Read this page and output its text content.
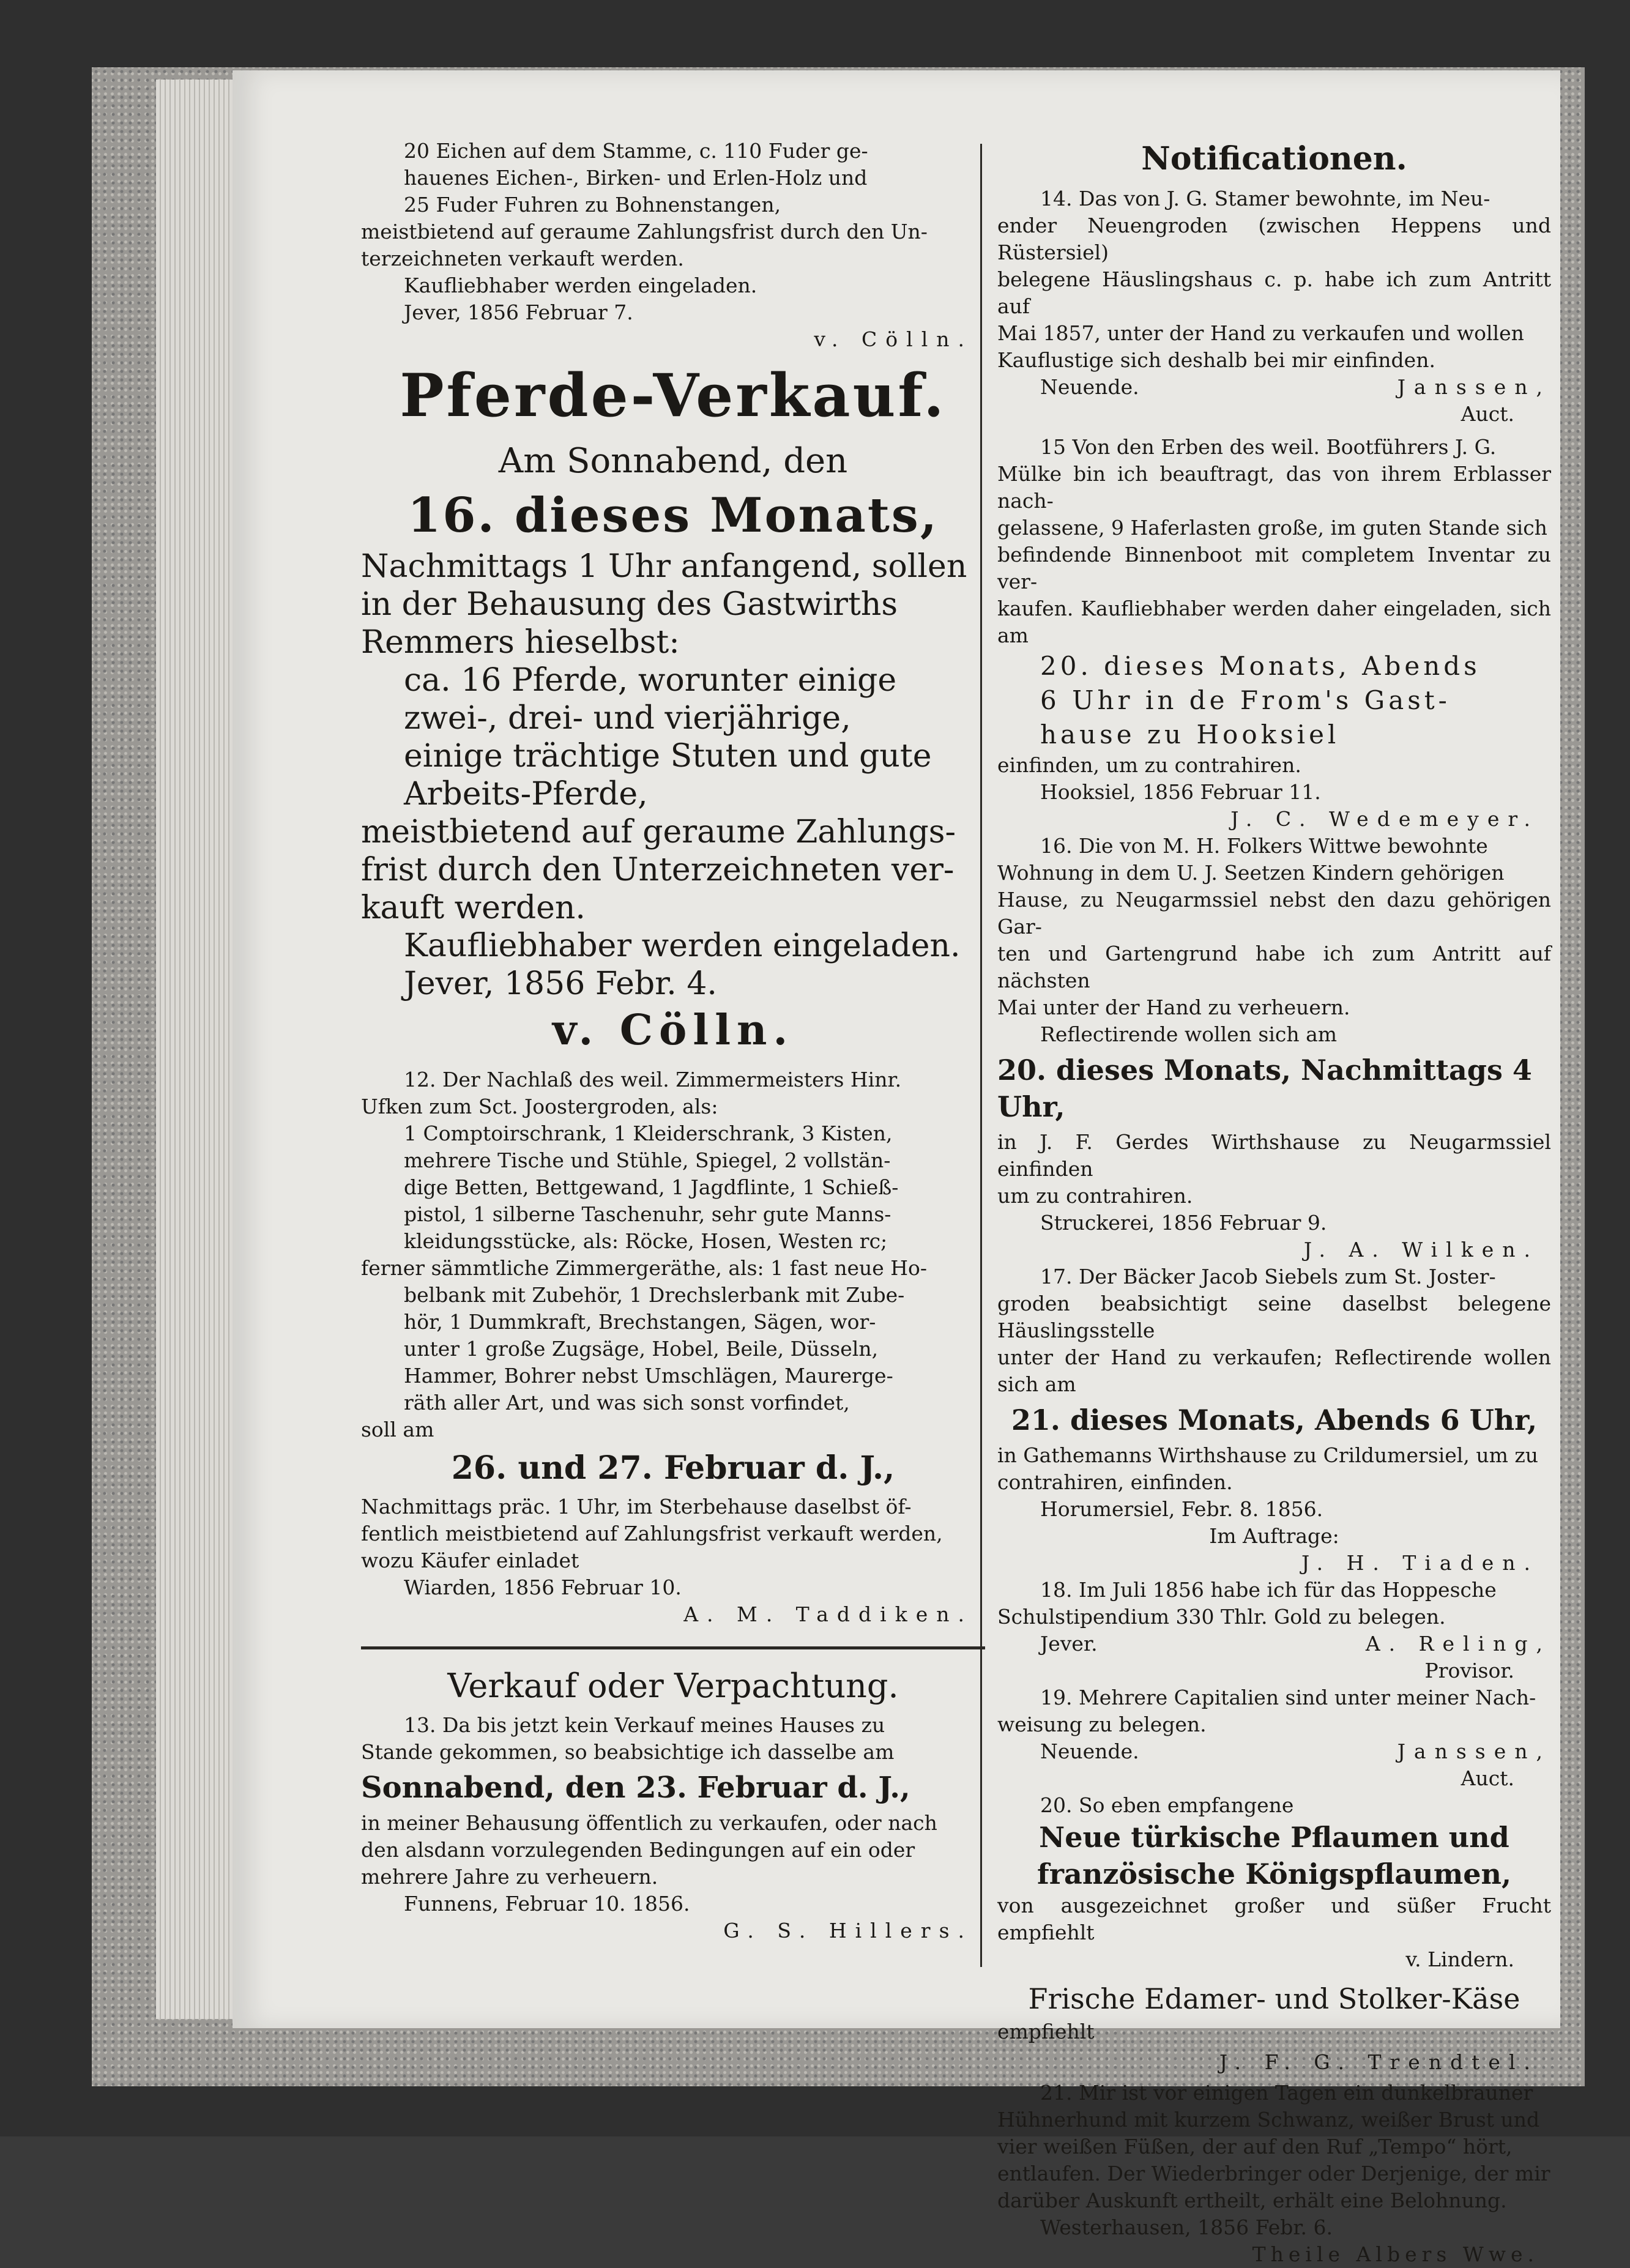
20 Eichen auf dem Stamme, c. 110 Fuder ge-

hauenes Eichen-, Birken- und Erlen-Holz und

25 Fuder Fuhren zu Bohnenstangen,

meistbietend auf geraume Zahlungsfrist durch den Un-

terzeichneten verkauft werden.

Kaufliebhaber werden eingeladen.

Jever, 1856 Februar 7.

v. Cölln.

Pferde-Verkauf.
Am Sonnabend, den
16. dieses Monats,

Nachmittags 1 Uhr anfangend, sollen

in der Behausung des Gastwirths

Remmers hieselbst:

ca. 16 Pferde, worunter einige

zwei-, drei- und vierjährige,

einige trächtige Stuten und gute

Arbeits-Pferde,

meistbietend auf geraume Zahlungs-

frist durch den Unterzeichneten ver-

kauft werden.

Kaufliebhaber werden eingeladen.

Jever, 1856 Febr. 4.

v. Cölln.

12. Der Nachlaß des weil. Zimmermeisters Hinr.

Ufken zum Sct. Joostergroden, als:

1 Comptoirschrank, 1 Kleiderschrank, 3 Kisten,

mehrere Tische und Stühle, Spiegel, 2 vollstän-

dige Betten, Bettgewand, 1 Jagdflinte, 1 Schieß-

pistol, 1 silberne Taschenuhr, sehr gute Manns-

kleidungsstücke, als: Röcke, Hosen, Westen rc;

ferner sämmtliche Zimmergeräthe, als: 1 fast neue Ho-

belbank mit Zubehör, 1 Drechslerbank mit Zube-

hör, 1 Dummkraft, Brechstangen, Sägen, wor-

unter 1 große Zugsäge, Hobel, Beile, Düsseln,

Hammer, Bohrer nebst Umschlägen, Maurerge-

räth aller Art, und was sich sonst vorfindet,

soll am

26. und 27. Februar d. J.,

Nachmittags präc. 1 Uhr, im Sterbehause daselbst öf-

fentlich meistbietend auf Zahlungsfrist verkauft werden,

wozu Käufer einladet

Wiarden, 1856 Februar 10.

A. M. Taddiken.

Verkauf oder Verpachtung.

13. Da bis jetzt kein Verkauf meines Hauses zu

Stande gekommen, so beabsichtige ich dasselbe am

Sonnabend, den 23. Februar d. J.,

in meiner Behausung öffentlich zu verkaufen, oder nach

den alsdann vorzulegenden Bedingungen auf ein oder

mehrere Jahre zu verheuern.

Funnens, Februar 10. 1856.

G. S. Hillers.

Notificationen.

14. Das von J. G. Stamer bewohnte, im Neu-

ender Neuengroden (zwischen Heppens und Rüstersiel)

belegene Häuslingshaus c. p. habe ich zum Antritt auf

Mai 1857, unter der Hand zu verkaufen und wollen

Kauflustige sich deshalb bei mir einfinden.

Neuende.	Janssen,

Auct.

15 Von den Erben des weil. Bootführers J. G.

Mülke bin ich beauftragt, das von ihrem Erblasser nach-

gelassene, 9 Haferlasten große, im guten Stande sich

befindende Binnenboot mit completem Inventar zu ver-

kaufen. Kaufliebhaber werden daher eingeladen, sich am

20. dieses Monats, Abends

6 Uhr in de From's Gast-

hause zu Hooksiel

einfinden, um zu contrahiren.

Hooksiel, 1856 Februar 11.

J. C. Wedemeyer.

16. Die von M. H. Folkers Wittwe bewohnte

Wohnung in dem U. J. Seetzen Kindern gehörigen

Hause, zu Neugarmssiel nebst den dazu gehörigen Gar-

ten und Gartengrund habe ich zum Antritt auf nächsten

Mai unter der Hand zu verheuern.

Reflectirende wollen sich am

20. dieses Monats, Nachmittags 4 Uhr,

in J. F. Gerdes Wirthshause zu Neugarmssiel einfinden

um zu contrahiren.

Struckerei, 1856 Februar 9.

J. A. Wilken.

17. Der Bäcker Jacob Siebels zum St. Joster-

groden beabsichtigt seine daselbst belegene Häuslingsstelle

unter der Hand zu verkaufen; Reflectirende wollen sich am

21. dieses Monats, Abends 6 Uhr,

in Gathemanns Wirthshause zu Crildumersiel, um zu

contrahiren, einfinden.

Horumersiel, Febr. 8. 1856.

Im Auftrage:

J. H. Tiaden.

18. Im Juli 1856 habe ich für das Hoppesche

Schulstipendium 330 Thlr. Gold zu belegen.

Jever.	A. Reling,

Provisor.

19. Mehrere Capitalien sind unter meiner Nach-

weisung zu belegen.

Neuende.	Janssen,

Auct.

20. So eben empfangene

Neue türkische Pflaumen und
französische Königspflaumen,

von ausgezeichnet großer und süßer Frucht empfiehlt

v. Lindern.

Frische Edamer- und Stolker-Käse

empfiehlt

J. F. G. Trendtel.

21. Mir ist vor einigen Tagen ein dunkelbrauner

Hühnerhund mit kurzem Schwanz, weißer Brust und

vier weißen Füßen, der auf den Ruf „Tempo“ hört,

entlaufen. Der Wiederbringer oder Derjenige, der mir

darüber Auskunft ertheilt, erhält eine Belohnung.

Westerhausen, 1856 Febr. 6.

Theile Albers Wwe.
